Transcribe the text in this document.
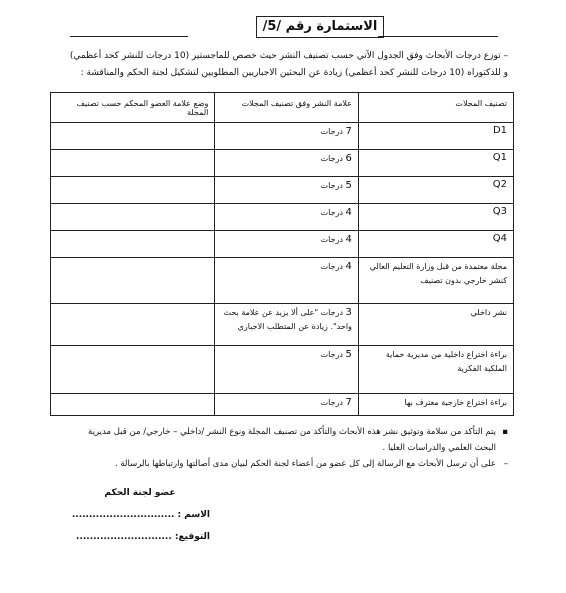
الاستمارة رقم /5/
– توزع درجات الأبحاث وفق الجدول الآتي حسب تصنيف النشر حيث خصص للماجستير (10 درجات للنشر كحد أعظمي) و للدكتوراه (10 درجات للنشر كحد أعظمي) زيادة عن البحثين الاجباريين المطلوبين لتشكيل لجنة الحكم والمناقشة :
تصنيف المجلات	علامة النشر وفق تصنيف المجلات	وضع علامة العضو المحكم حسب تصنيف المجلة
D1	7 درجات	
Q1	6 درجات	
Q2	5 درجات	
Q3	4 درجات	
Q4	4 درجات	
مجلة معتمدة من قبل وزارة التعليم العالي كنشر خارجي بدون تصنيف	4 درجات	
نشر داخلي	3 درجات "على ألا يزيد عن علامة بحث واحد". زيادة عن المتطلب الاجباري	
براءة اختراع داخلية من مديرية حماية الملكية الفكرية	5 درجات	
براءة اختراع خارجية معترف بها	7 درجات	
▪
يتم التأكد من سلامة وتوثيق نشر هذه الأبحاث والتأكد من تصنيف المجلة ونوع النشر /داخلي – خارجي/ من قبل مديرية البحث العلمي والدراسات العليا .
–
على أن ترسل الأبحاث مع الرسالة إلى كل عضو من أعضاء لجنة الحكم لبيان مدى أصالتها وارتباطها بالرسالة .
عضو لجنة الحكم
الاسم : ..............................
التوقيع: ............................
